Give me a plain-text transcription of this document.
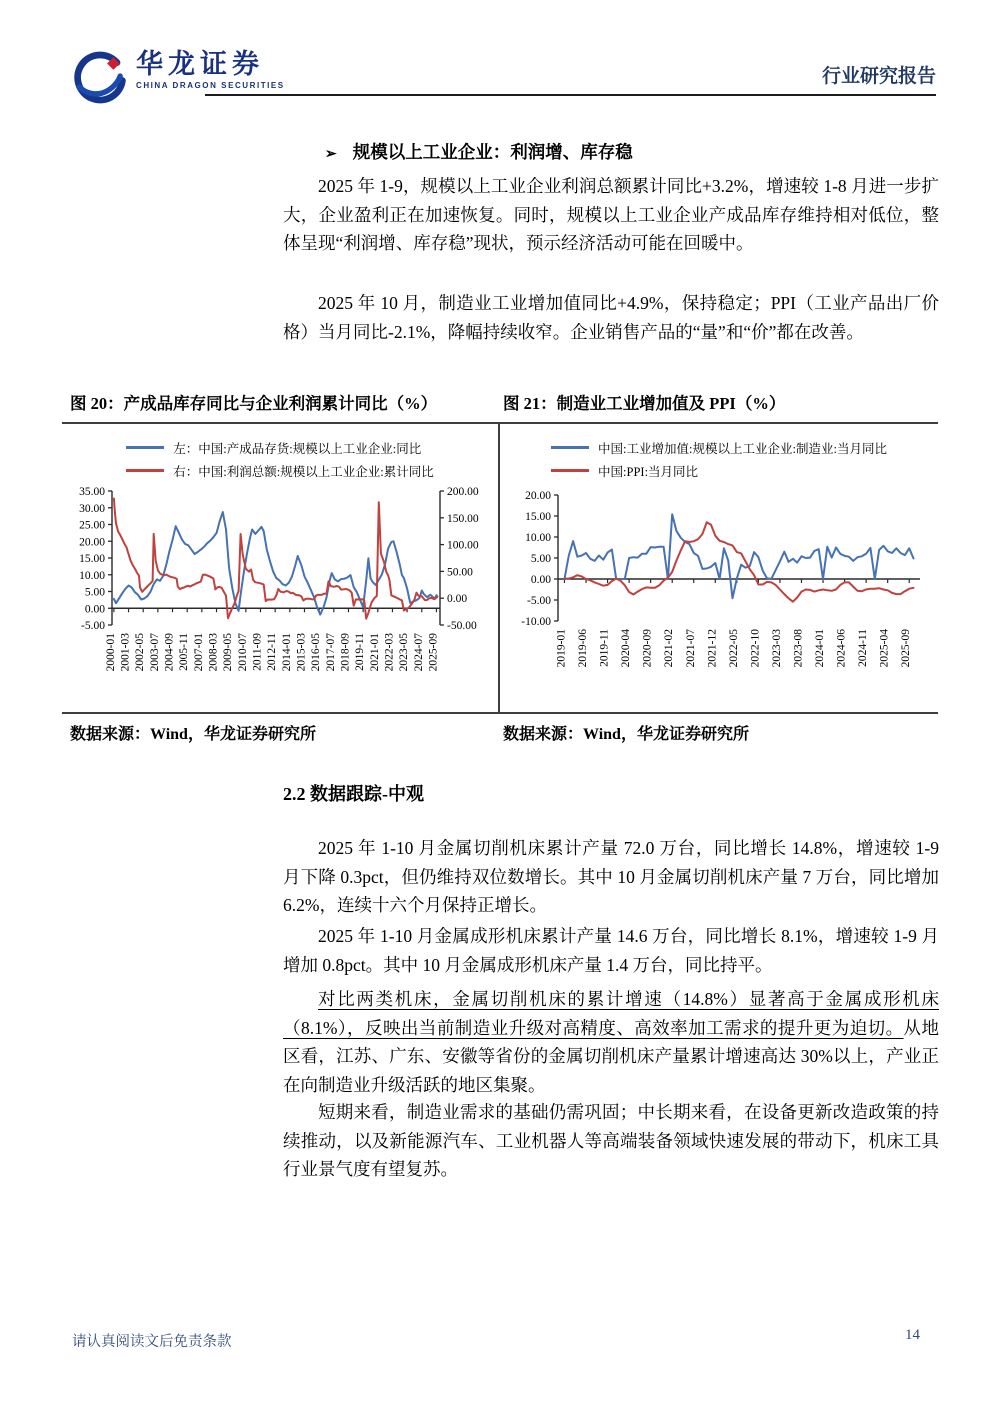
华龙证券
CHINA DRAGON SECURITIES	行业研究报告
➢ 规模以上工业企业：利润增、库存稳
2025 年 1-9，规模以上工业企业利润总额累计同比+3.2%，增速较 1-8 月进一步扩大，企业盈利正在加速恢复。同时，规模以上工业企业产成品库存维持相对低位，整体呈现“利润增、库存稳”现状，预示经济活动可能在回暖中。
2025 年 10 月，制造业工业增加值同比+4.9%，保持稳定；PPI（工业产品出厂价格）当月同比-2.1%，降幅持续收窄。企业销售产品的“量”和“价”都在改善。
图 20：产成品库存同比与企业利润累计同比（%）	图 21：制造业工业增加值及 PPI（%）
左：中国:产成品存货:规模以上工业企业:同比
右：中国:利润总额:规模以上工业企业:累计同比
35.00
30.00
25.00
20.00
15.00
10.00
5.00
0.00
-5.00
200.00
150.00
100.00
50.00
0.00
-50.00
2000-01 2001-03 2002-05 2003-07 2004-09 2005-11 2007-01 2008-03 2009-05 2010-07 2011-09 2012-11 2014-01 2015-03 2016-05 2017-07 2018-09 2019-11 2021-01 2022-03 2023-05 2024-07 2025-09
中国:工业增加值:规模以上工业企业:制造业:当月同比
中国:PPI:当月同比
20.00
15.00
10.00
5.00
0.00
-5.00
-10.00
2019-01 2019-06 2019-11 2020-04 2020-09 2021-02 2021-07 2021-12 2022-05 2022-10 2023-03 2023-08 2024-01 2024-06 2024-11 2025-04 2025-09
数据来源：Wind，华龙证券研究所	数据来源：Wind，华龙证券研究所
2.2 数据跟踪-中观
2025 年 1-10 月金属切削机床累计产量 72.0 万台，同比增长 14.8%，增速较 1-9 月下降 0.3pct，但仍维持双位数增长。其中 10 月金属切削机床产量 7 万台，同比增加 6.2%，连续十六个月保持正增长。
2025 年 1-10 月金属成形机床累计产量 14.6 万台，同比增长 8.1%，增速较 1-9 月增加 0.8pct。其中 10 月金属成形机床产量 1.4 万台，同比持平。
对比两类机床，金属切削机床的累计增速（14.8%）显著高于金属成形机床（8.1%），反映出当前制造业升级对高精度、高效率加工需求的提升更为迫切。从地区看，江苏、广东、安徽等省份的金属切削机床产量累计增速高达 30%以上，产业正在向制造业升级活跃的地区集聚。
短期来看，制造业需求的基础仍需巩固；中长期来看，在设备更新改造政策的持续推动，以及新能源汽车、工业机器人等高端装备领域快速发展的带动下，机床工具行业景气度有望复苏。
请认真阅读文后免责条款	14
